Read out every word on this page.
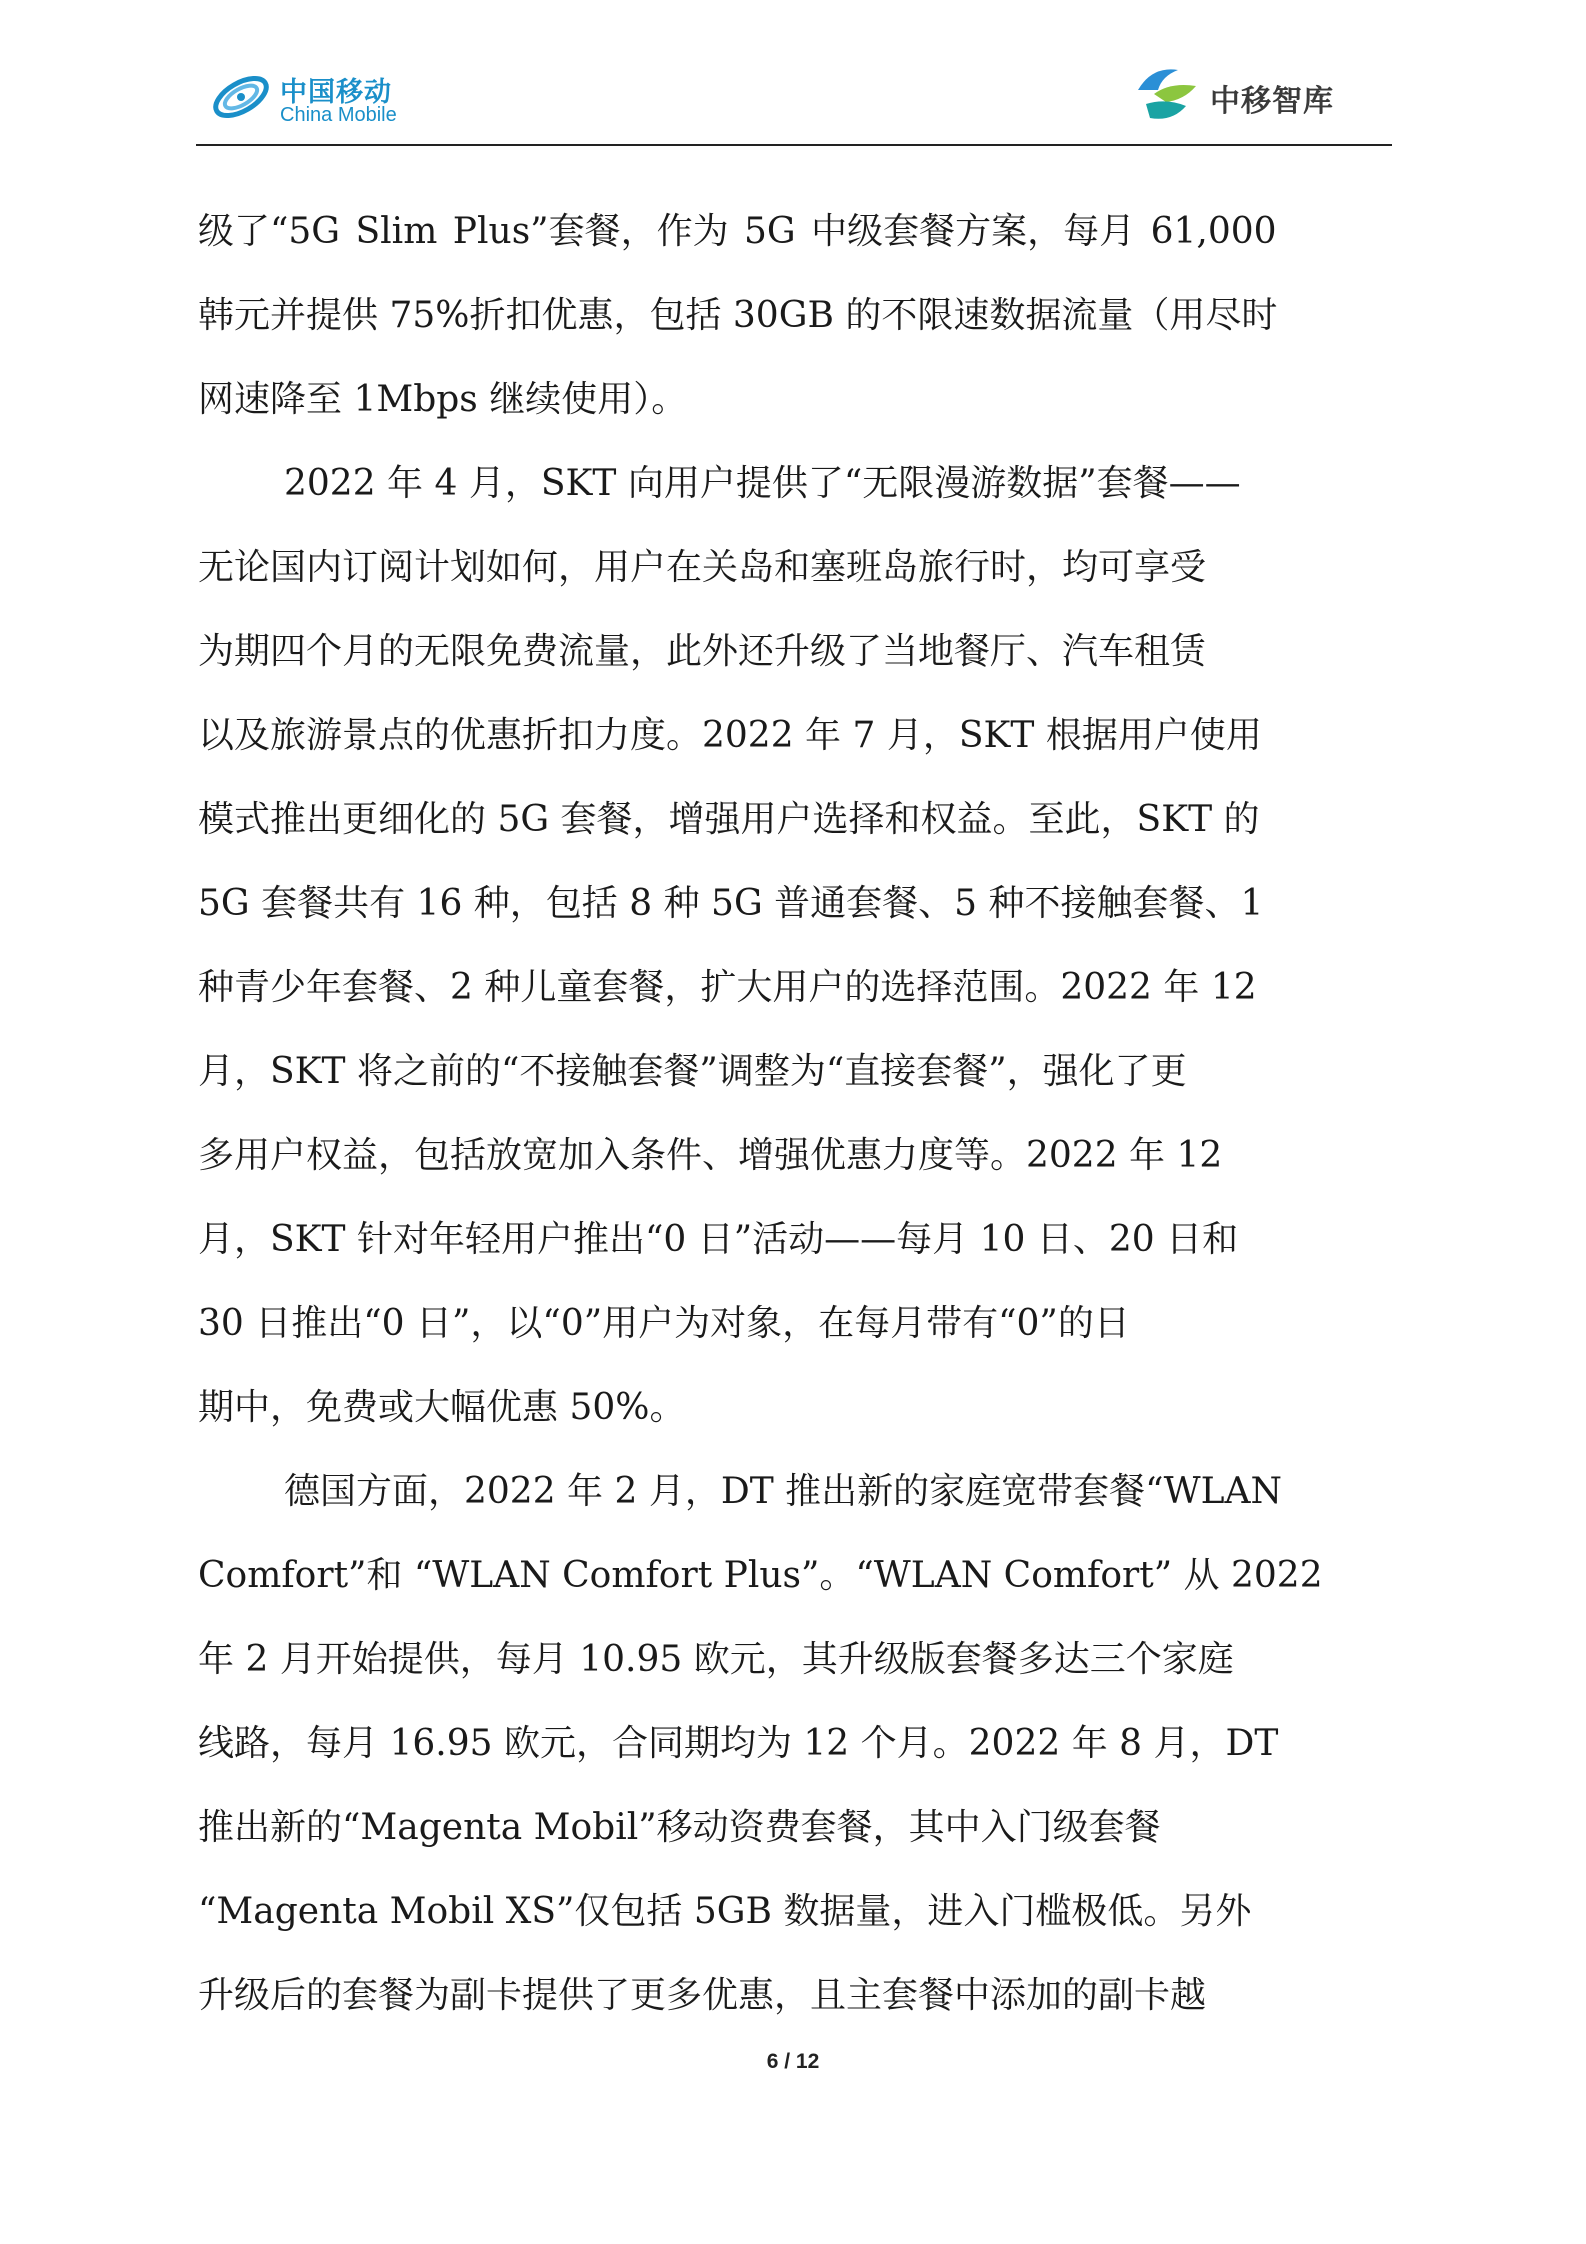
中国移动
China Mobile	中移智库
级了“5G Slim Plus”套餐，作为 5G 中级套餐方案，每月 61,000
韩元并提供 75%折扣优惠，包括 30GB 的不限速数据流量（用尽时
网速降至 1Mbps 继续使用）。
2022 年 4 月，SKT 向用户提供了“无限漫游数据”套餐——
无论国内订阅计划如何，用户在关岛和塞班岛旅行时，均可享受
为期四个月的无限免费流量，此外还升级了当地餐厅、汽车租赁
以及旅游景点的优惠折扣力度。2022 年 7 月，SKT 根据用户使用
模式推出更细化的 5G 套餐，增强用户选择和权益。至此，SKT 的
5G 套餐共有 16 种，包括 8 种 5G 普通套餐、5 种不接触套餐、1
种青少年套餐、2 种儿童套餐，扩大用户的选择范围。2022 年 12
月，SKT 将之前的“不接触套餐”调整为“直接套餐”，强化了更
多用户权益，包括放宽加入条件、增强优惠力度等。2022 年 12
月，SKT 针对年轻用户推出“0 日”活动——每月 10 日、20 日和
30 日推出“0 日”，以“0”用户为对象，在每月带有“0”的日
期中，免费或大幅优惠 50%。
德国方面，2022 年 2 月，DT 推出新的家庭宽带套餐“WLAN
Comfort”和 “WLAN Comfort Plus”。“WLAN Comfort” 从 2022
年 2 月开始提供，每月 10.95 欧元，其升级版套餐多达三个家庭
线路，每月 16.95 欧元，合同期均为 12 个月。2022 年 8 月，DT
推出新的“Magenta Mobil”移动资费套餐，其中入门级套餐
“Magenta Mobil XS”仅包括 5GB 数据量，进入门槛极低。另外
升级后的套餐为副卡提供了更多优惠，且主套餐中添加的副卡越
6 / 12
